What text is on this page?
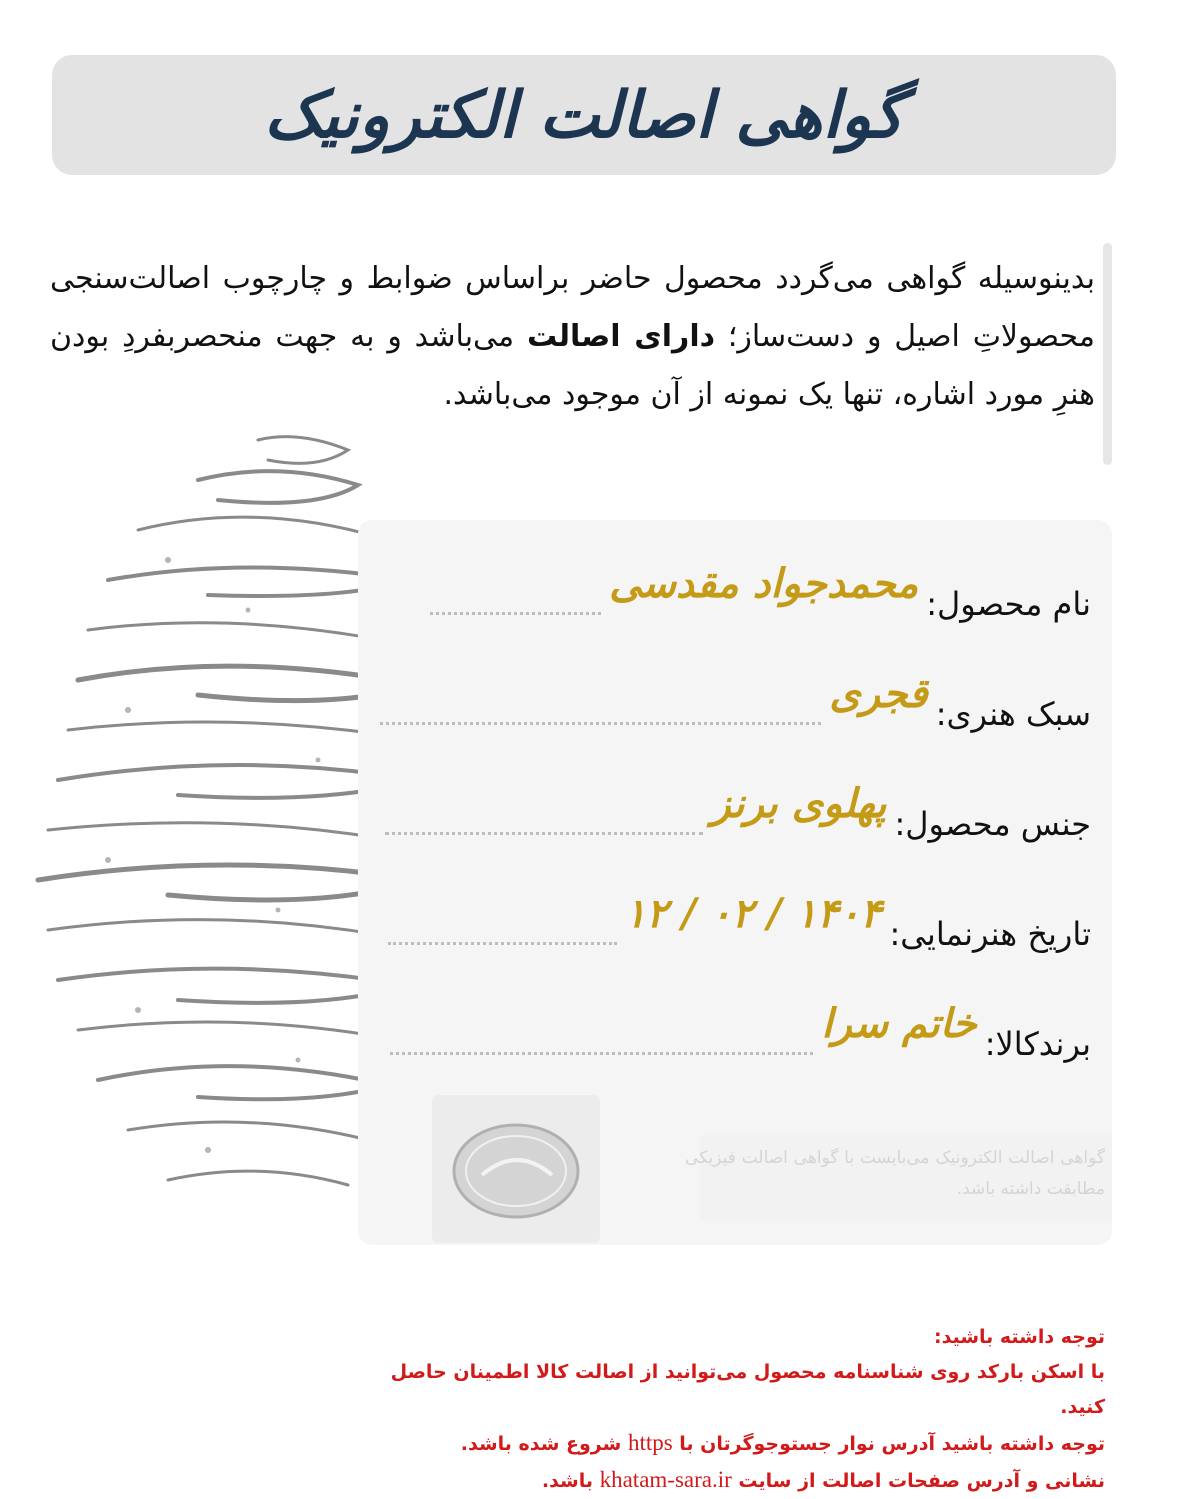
گواهی اصالت الکترونیک
بدینوسیله گواهی می‌گردد محصول حاضر براساس ضوابط و چارچوب اصالت‌سنجی محصولاتِ اصیل و دست‌ساز؛ دارای اصالت می‌باشد و به جهت منحصربفردِ بودن هنرِ مورد اشاره، تنها یک نمونه از آن موجود می‌باشد.
نام محصول:
محمدجواد مقدسی
سبک هنری:
قجری
جنس محصول:
پهلوی برنز
تاریخ هنرنمایی:
۱۴۰۴ / ۰۲ / ۱۲
برندکالا:
خاتم سرا
گواهی اصالت الکترونیک می‌بایست با گواهی اصالت فیزیکی مطابقت داشته باشد.
توجه داشته باشید:
با اسکن بارکد روی شناسنامه محصول می‌توانید از اصالت کالا اطمینان حاصل کنید.
توجه داشته باشید آدرس نوار جستوجوگرتان با https شروع شده باشد.
نشانی و آدرس صفحات اصالت از سایت khatam-sara.ir باشد.
